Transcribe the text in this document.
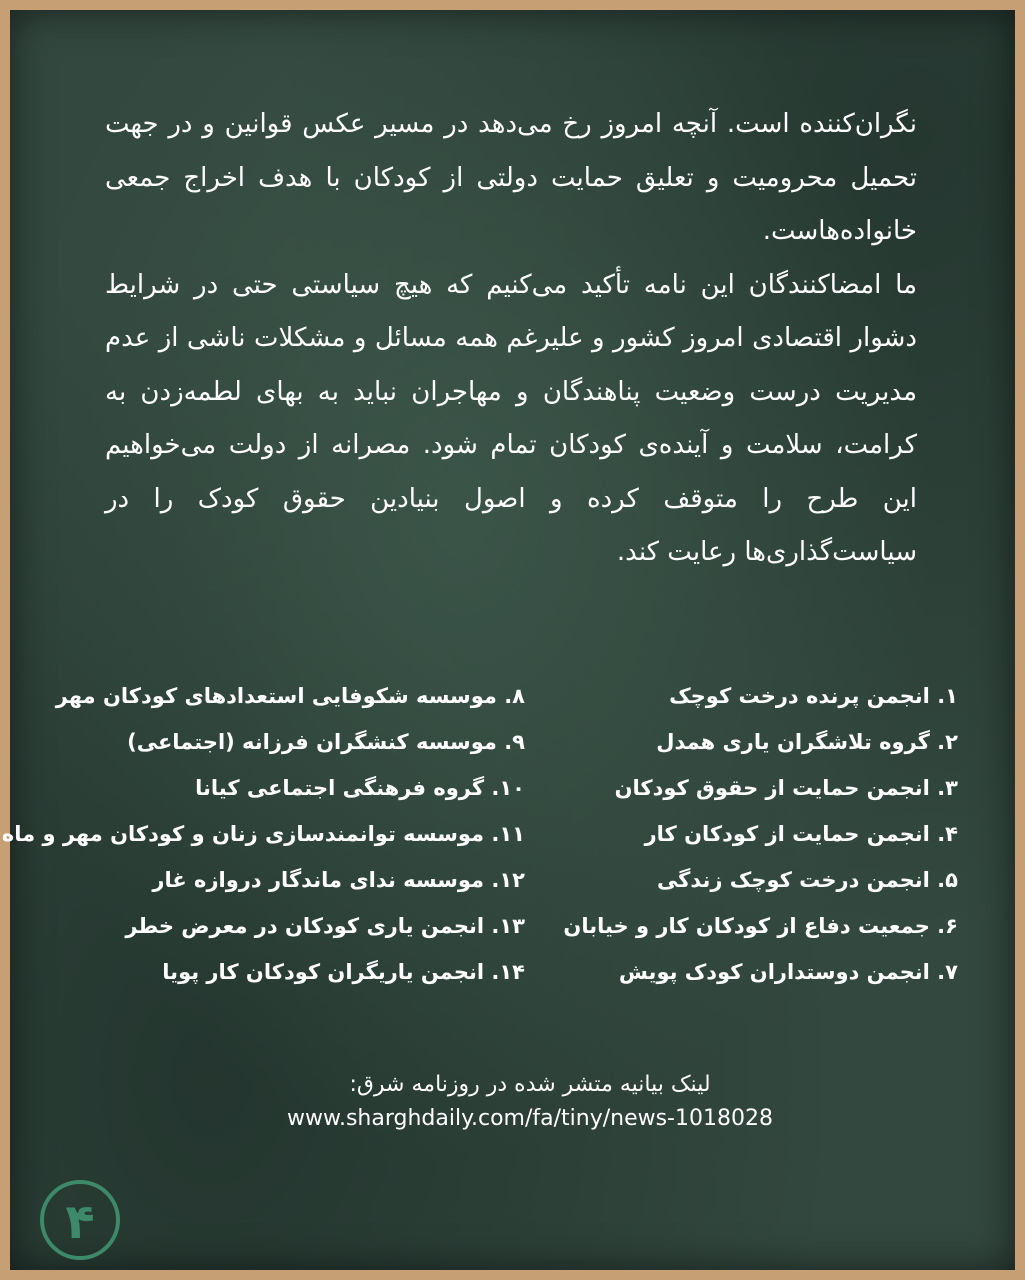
نگران‌کننده است. آنچه امروز رخ می‌دهد در مسیر عکس قوانین و در جهت تحمیل محرومیت و تعلیق حمایت دولتی از کودکان با هدف اخراج جمعی خانواده‌هاست.

ما امضاکنندگان این نامه تأکید می‌کنیم که هیچ سیاستی حتی در شرایط دشوار اقتصادی امروز کشور و علیرغم همه مسائل و مشکلات ناشی از عدم مدیریت درست وضعیت پناهندگان و مهاجران نباید به بهای لطمه‌زدن به کرامت، سلامت و آینده‌ی کودکان تمام شود. مصرانه از دولت می‌خواهیم این طرح را متوقف کرده و اصول بنیادین حقوق کودک را در سیاست‌گذاری‌ها رعایت کند.

۱. انجمن پرنده درخت کوچک
۲. گروه تلاشگران یاری همدل
۳. انجمن حمایت از حقوق کودکان
۴. انجمن حمایت از کودکان کار
۵. انجمن درخت کوچک زندگی
۶. جمعیت دفاع از کودکان کار و خیابان
۷. انجمن دوستداران کودک پویش
۸. موسسه شکوفایی استعدادهای کودکان مهر
۹. موسسه کنشگران فرزانه (اجتماعی)
۱۰. گروه فرهنگی اجتماعی کیانا
۱۱. موسسه توانمندسازی زنان و کودکان مهر و ماه
۱۲. موسسه ندای ماندگار دروازه غار
۱۳. انجمن یاری کودکان در معرض خطر
۱۴. انجمن یاریگران کودکان کار پویا
لینک بیانیه متشر شده در روزنامه شرق:
www.sharghdaily.com/fa/tiny/news-1018028
۴
